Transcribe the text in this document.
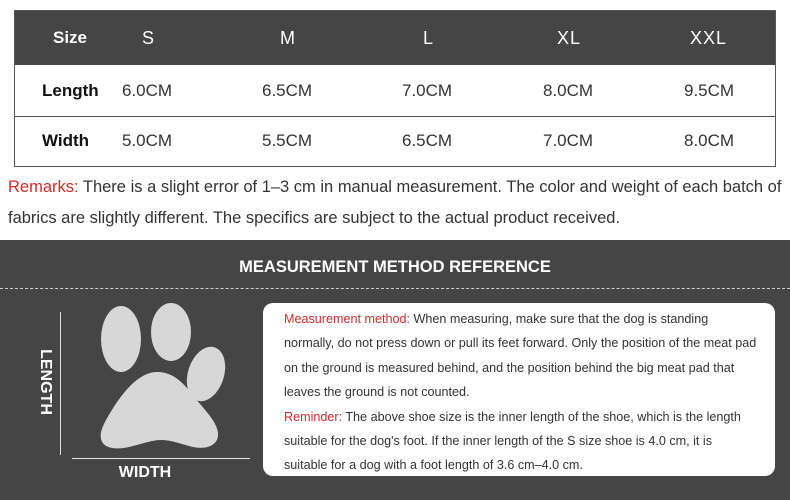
Size	S	M	L	XL	XXL
Length 6.0CM	6.5CM	7.0CM	8.0CM	9.5CM
Width 5.0CM	5.5CM	6.5CM	7.0CM	8.0CM

Remarks: There is a slight error of 1–3 cm in manual measurement. The color and weight of each batch of fabrics are slightly different. The specifics are subject to the actual product received.

MEASUREMENT METHOD REFERENCE
LENGTH
WIDTH

Measurement method: When measuring, make sure that the dog is standing normally, do not press down or pull its feet forward. Only the position of the meat pad on the ground is measured behind, and the position behind the big meat pad that leaves the ground is not counted.

Reminder: The above shoe size is the inner length of the shoe, which is the length suitable for the dog's foot. If the inner length of the S size shoe is 4.0 cm, it is suitable for a dog with a foot length of 3.6 cm–4.0 cm.
